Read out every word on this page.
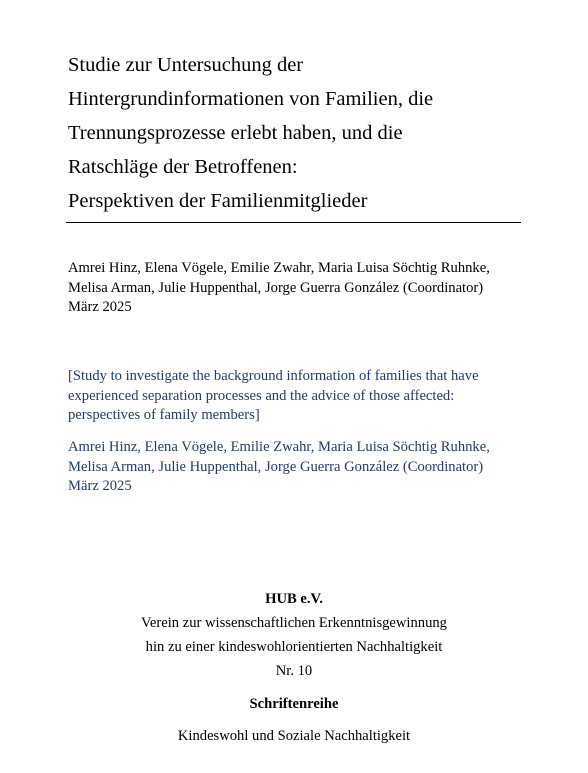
Studie zur Untersuchung der
Hintergrundinformationen von Familien, die
Trennungsprozesse erlebt haben, und die
Ratschläge der Betroffenen:
Perspektiven der Familienmitglieder
Amrei Hinz, Elena Vögele, Emilie Zwahr, Maria Luisa Söchtig Ruhnke,
Melisa Arman, Julie Huppenthal, Jorge Guerra González (Coordinator)
März 2025
[Study to investigate the background information of families that have
experienced separation processes and the advice of those affected:
perspectives of family members]
Amrei Hinz, Elena Vögele, Emilie Zwahr, Maria Luisa Söchtig Ruhnke,
Melisa Arman, Julie Huppenthal, Jorge Guerra González (Coordinator)
März 2025
HUB e.V.
Verein zur wissenschaftlichen Erkenntnisgewinnung
hin zu einer kindeswohlorientierten Nachhaltigkeit
Nr. 10
Schriftenreihe
Kindeswohl und Soziale Nachhaltigkeit
